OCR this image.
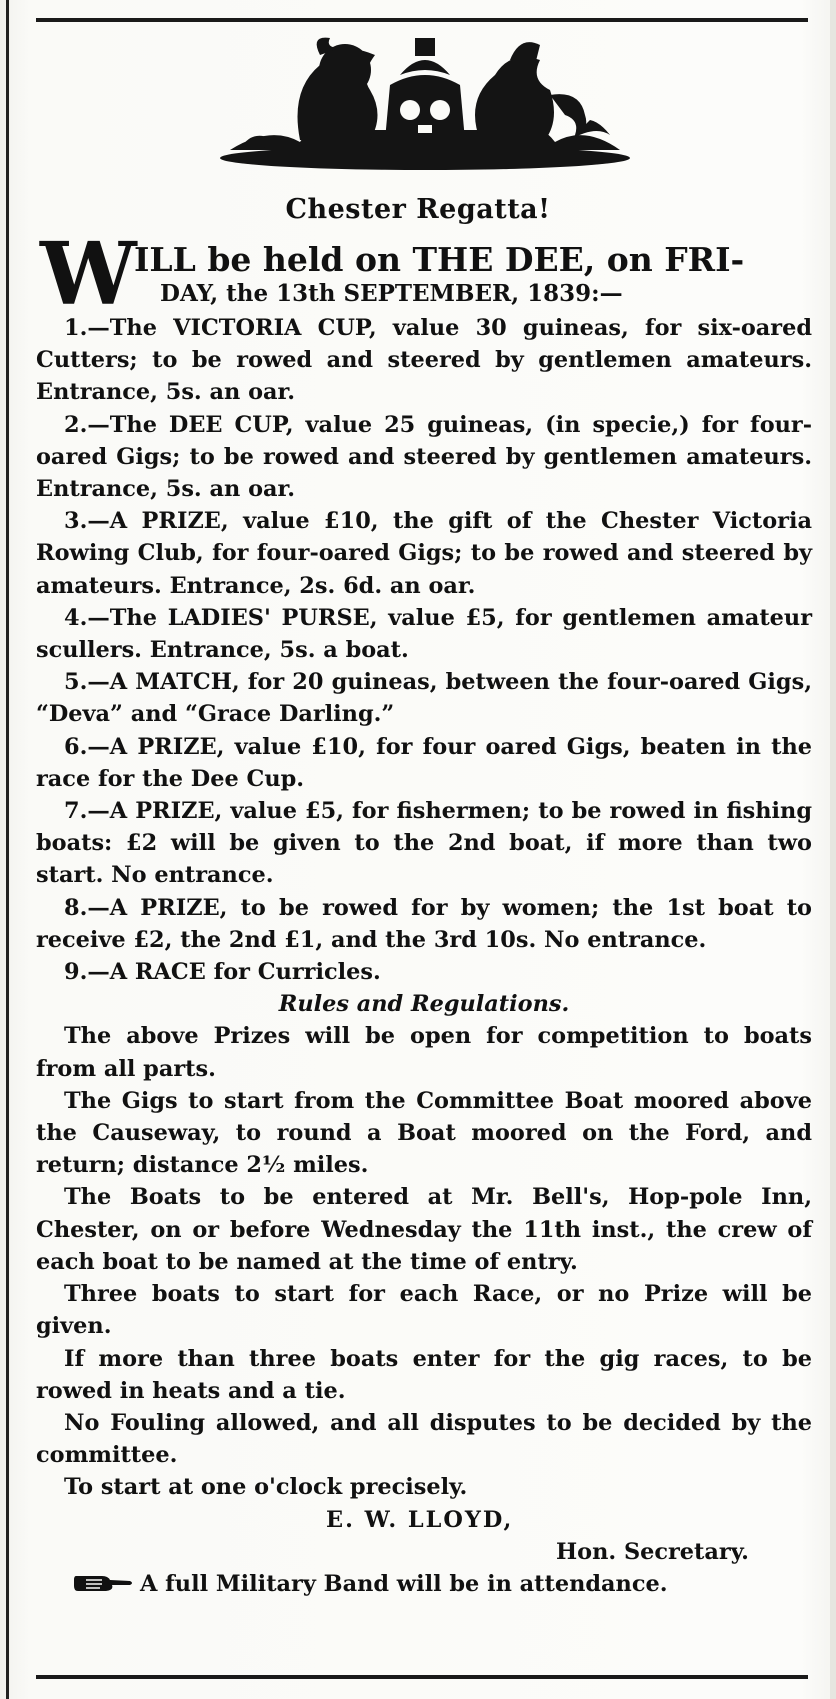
Chester Regatta!
W
ILL be held on THE DEE, on FRI-
DAY, the 13th SEPTEMBER, 1839:—

1.—The VICTORIA CUP, value 30 guineas, for six-oared Cutters; to be rowed and steered by gentlemen amateurs. Entrance, 5s. an oar.

2.—The DEE CUP, value 25 guineas, (in specie,) for four-oared Gigs; to be rowed and steered by gentlemen amateurs. Entrance, 5s. an oar.

3.—A PRIZE, value £10, the gift of the Chester Victoria Rowing Club, for four-oared Gigs; to be rowed and steered by amateurs. Entrance, 2s. 6d. an oar.

4.—The LADIES' PURSE, value £5, for gentlemen amateur scullers. Entrance, 5s. a boat.

5.—A MATCH, for 20 guineas, between the four-oared Gigs, “Deva” and “Grace Darling.”

6.—A PRIZE, value £10, for four oared Gigs, beaten in the race for the Dee Cup.

7.—A PRIZE, value £5, for fishermen; to be rowed in fishing boats: £2 will be given to the 2nd boat, if more than two start. No entrance.

8.—A PRIZE, to be rowed for by women; the 1st boat to receive £2, the 2nd £1, and the 3rd 10s. No entrance.

9.—A RACE for Curricles.

Rules and Regulations.

The above Prizes will be open for competition to boats from all parts.

The Gigs to start from the Committee Boat moored above the Causeway, to round a Boat moored on the Ford, and return; distance 2½ miles.

The Boats to be entered at Mr. Bell's, Hop-pole Inn, Chester, on or before Wednesday the 11th inst., the crew of each boat to be named at the time of entry.

Three boats to start for each Race, or no Prize will be given.

If more than three boats enter for the gig races, to be rowed in heats and a tie.

No Fouling allowed, and all disputes to be decided by the committee.

To start at one o'clock precisely.

E. W. LLOYD,

Hon. Secretary.

A full Military Band will be in attendance.
